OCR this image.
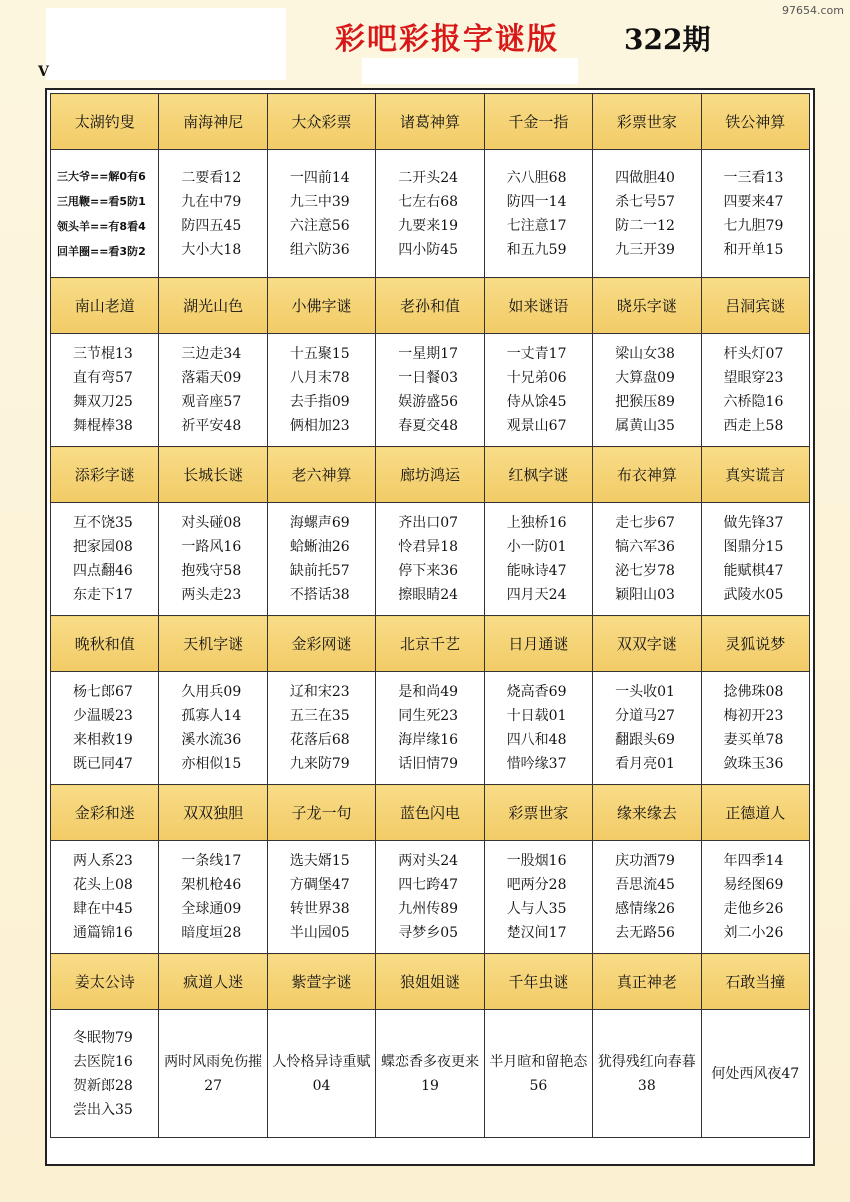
97654.com
V
彩吧彩报字谜版 322期
太湖钓叟	南海神尼	大众彩票	诸葛神算	千金一指	彩票世家	铁公神算

三大爷==解0有6
三甩鞭==看5防1
领头羊==有8看4
回羊圈==看3防2	二要看12
九在中79
防四五45
大小大18	一四前14
九三中39
六注意56
组六防36	二开头24
七左右68
九要来19
四小防45	六八胆68
防四一14
七注意17
和五九59	四做胆40
杀七号57
防二一12
九三开39	一三看13
四要来47
七九胆79
和开单15

南山老道	湖光山色	小佛字谜	老孙和值	如来谜语	晓乐字谜	吕洞宾谜

三节棍13
直有弯57
舞双刀25
舞棍棒38	三边走34
落霜天09
观音座57
祈平安48	十五聚15
八月末78
去手指09
俩相加23	一星期17
一日餐03
娱游盛56
春夏交48	一丈青17
十兄弟06
侍从馀45
观景山67	梁山女38
大算盘09
把猴压89
属黄山35	杆头灯07
望眼穿23
六桥隐16
西走上58

添彩字谜	长城长谜	老六神算	廊坊鸿运	红枫字谜	布衣神算	真实谎言

互不饶35
把家园08
四点翻46
东走下17	对头碰08
一路风16
抱残守58
两头走23	海螺声69
蛤蜥油26
缺前托57
不搭话38	齐出口07
怜君异18
停下来36
擦眼睛24	上独桥16
小一防01
能咏诗47
四月天24	走七步67
犒六军36
泌七岁78
颖阳山03	做先锋37
图鼎分15
能赋棋47
武陵水05

晚秋和值	天机字谜	金彩网谜	北京千艺	日月通谜	双双字谜	灵狐说梦

杨七郎67
少温暖23
来相救19
既已同47	久用兵09
孤寡人14
溪水流36
亦相似15	辽和宋23
五三在35
花落后68
九来防79	是和尚49
同生死23
海岸缘16
话旧情79	烧高香69
十日载01
四八和48
惜吟缘37	一头收01
分道马27
翻跟头69
看月亮01	捻佛珠08
梅初开23
妻买单78
敛珠玉36

金彩和迷	双双独胆	子龙一句	蓝色闪电	彩票世家	缘来缘去	正德道人

两人系23
花头上08
肆在中45
通篇锦16	一条线17
架机枪46
全球通09
暗度垣28	选夫婿15
方碉堡47
转世界38
半山园05	两对头24
四七跨47
九州传89
寻梦乡05	一股烟16
吧两分28
人与人35
楚汉间17	庆功酒79
吾思流45
感情缘26
去无路56	年四季14
易经图69
走他乡26
刘二小26

姜太公诗	疯道人迷	紫萱字谜	狼姐姐谜	千年虫谜	真正神老	石敢当撞

冬眠物79
去医院16
贺新郎28
尝出入35	两时风雨免伤摧27	人怜格异诗重赋04	蝶恋香多夜更来19	半月暄和留艳态56	犹得残红向春暮38	何处西风夜47
